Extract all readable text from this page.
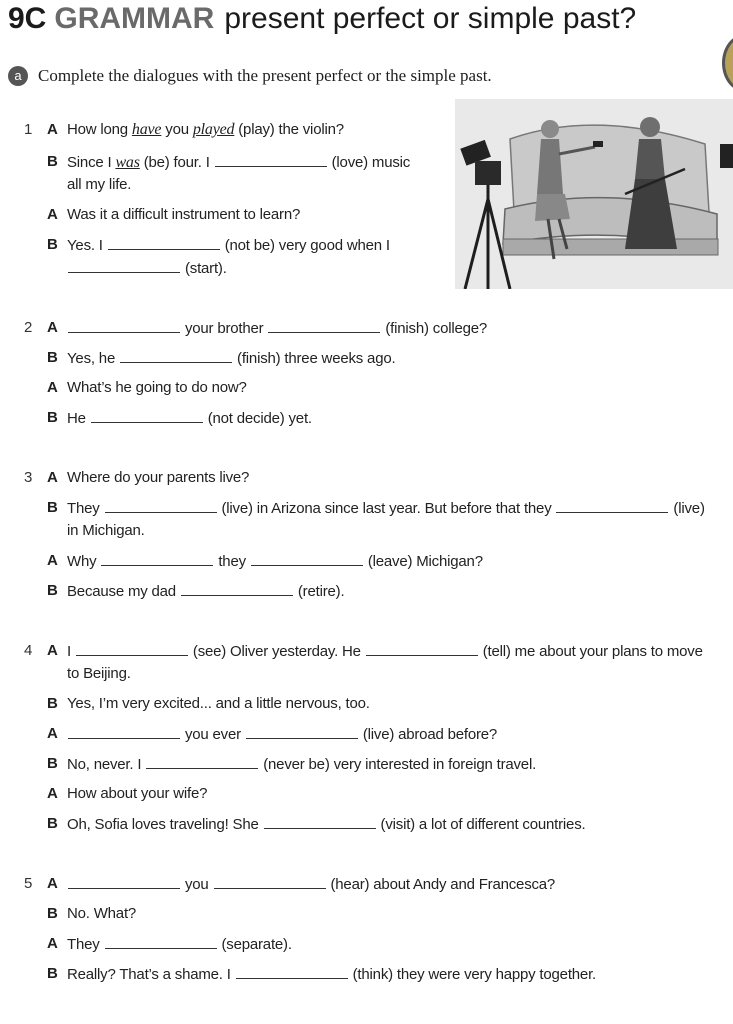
9C GRAMMAR present perfect or simple past?
a Complete the dialogues with the present perfect or the simple past.
1 A How long have you played (play) the violin?
B Since I was (be) four. I	(love) music
all my life.
A Was it a difficult instrument to learn?
B Yes. I	(not be) very good when I
(start).
2 A	your brother	(finish) college?
B Yes, he	(finish) three weeks ago.
A What’s he going to do now?
B He	(not decide) yet.
3 A Where do your parents live?
B They	(live) in Arizona since last year. But before that they	(live)
in Michigan.
A Why	they	(leave) Michigan?
B Because my dad	(retire).
4 A I	(see) Oliver yesterday. He	(tell) me about your plans to move
to Beijing.
B Yes, I’m very excited... and a little nervous, too.
A	you ever	(live) abroad before?
B No, never. I	(never be) very interested in foreign travel.
A How about your wife?
B Oh, Sofia loves traveling! She	(visit) a lot of different countries.
5 A	you	(hear) about Andy and Francesca?
B No. What?
A They	(separate).
B Really? That’s a shame. I	(think) they were very happy together.
